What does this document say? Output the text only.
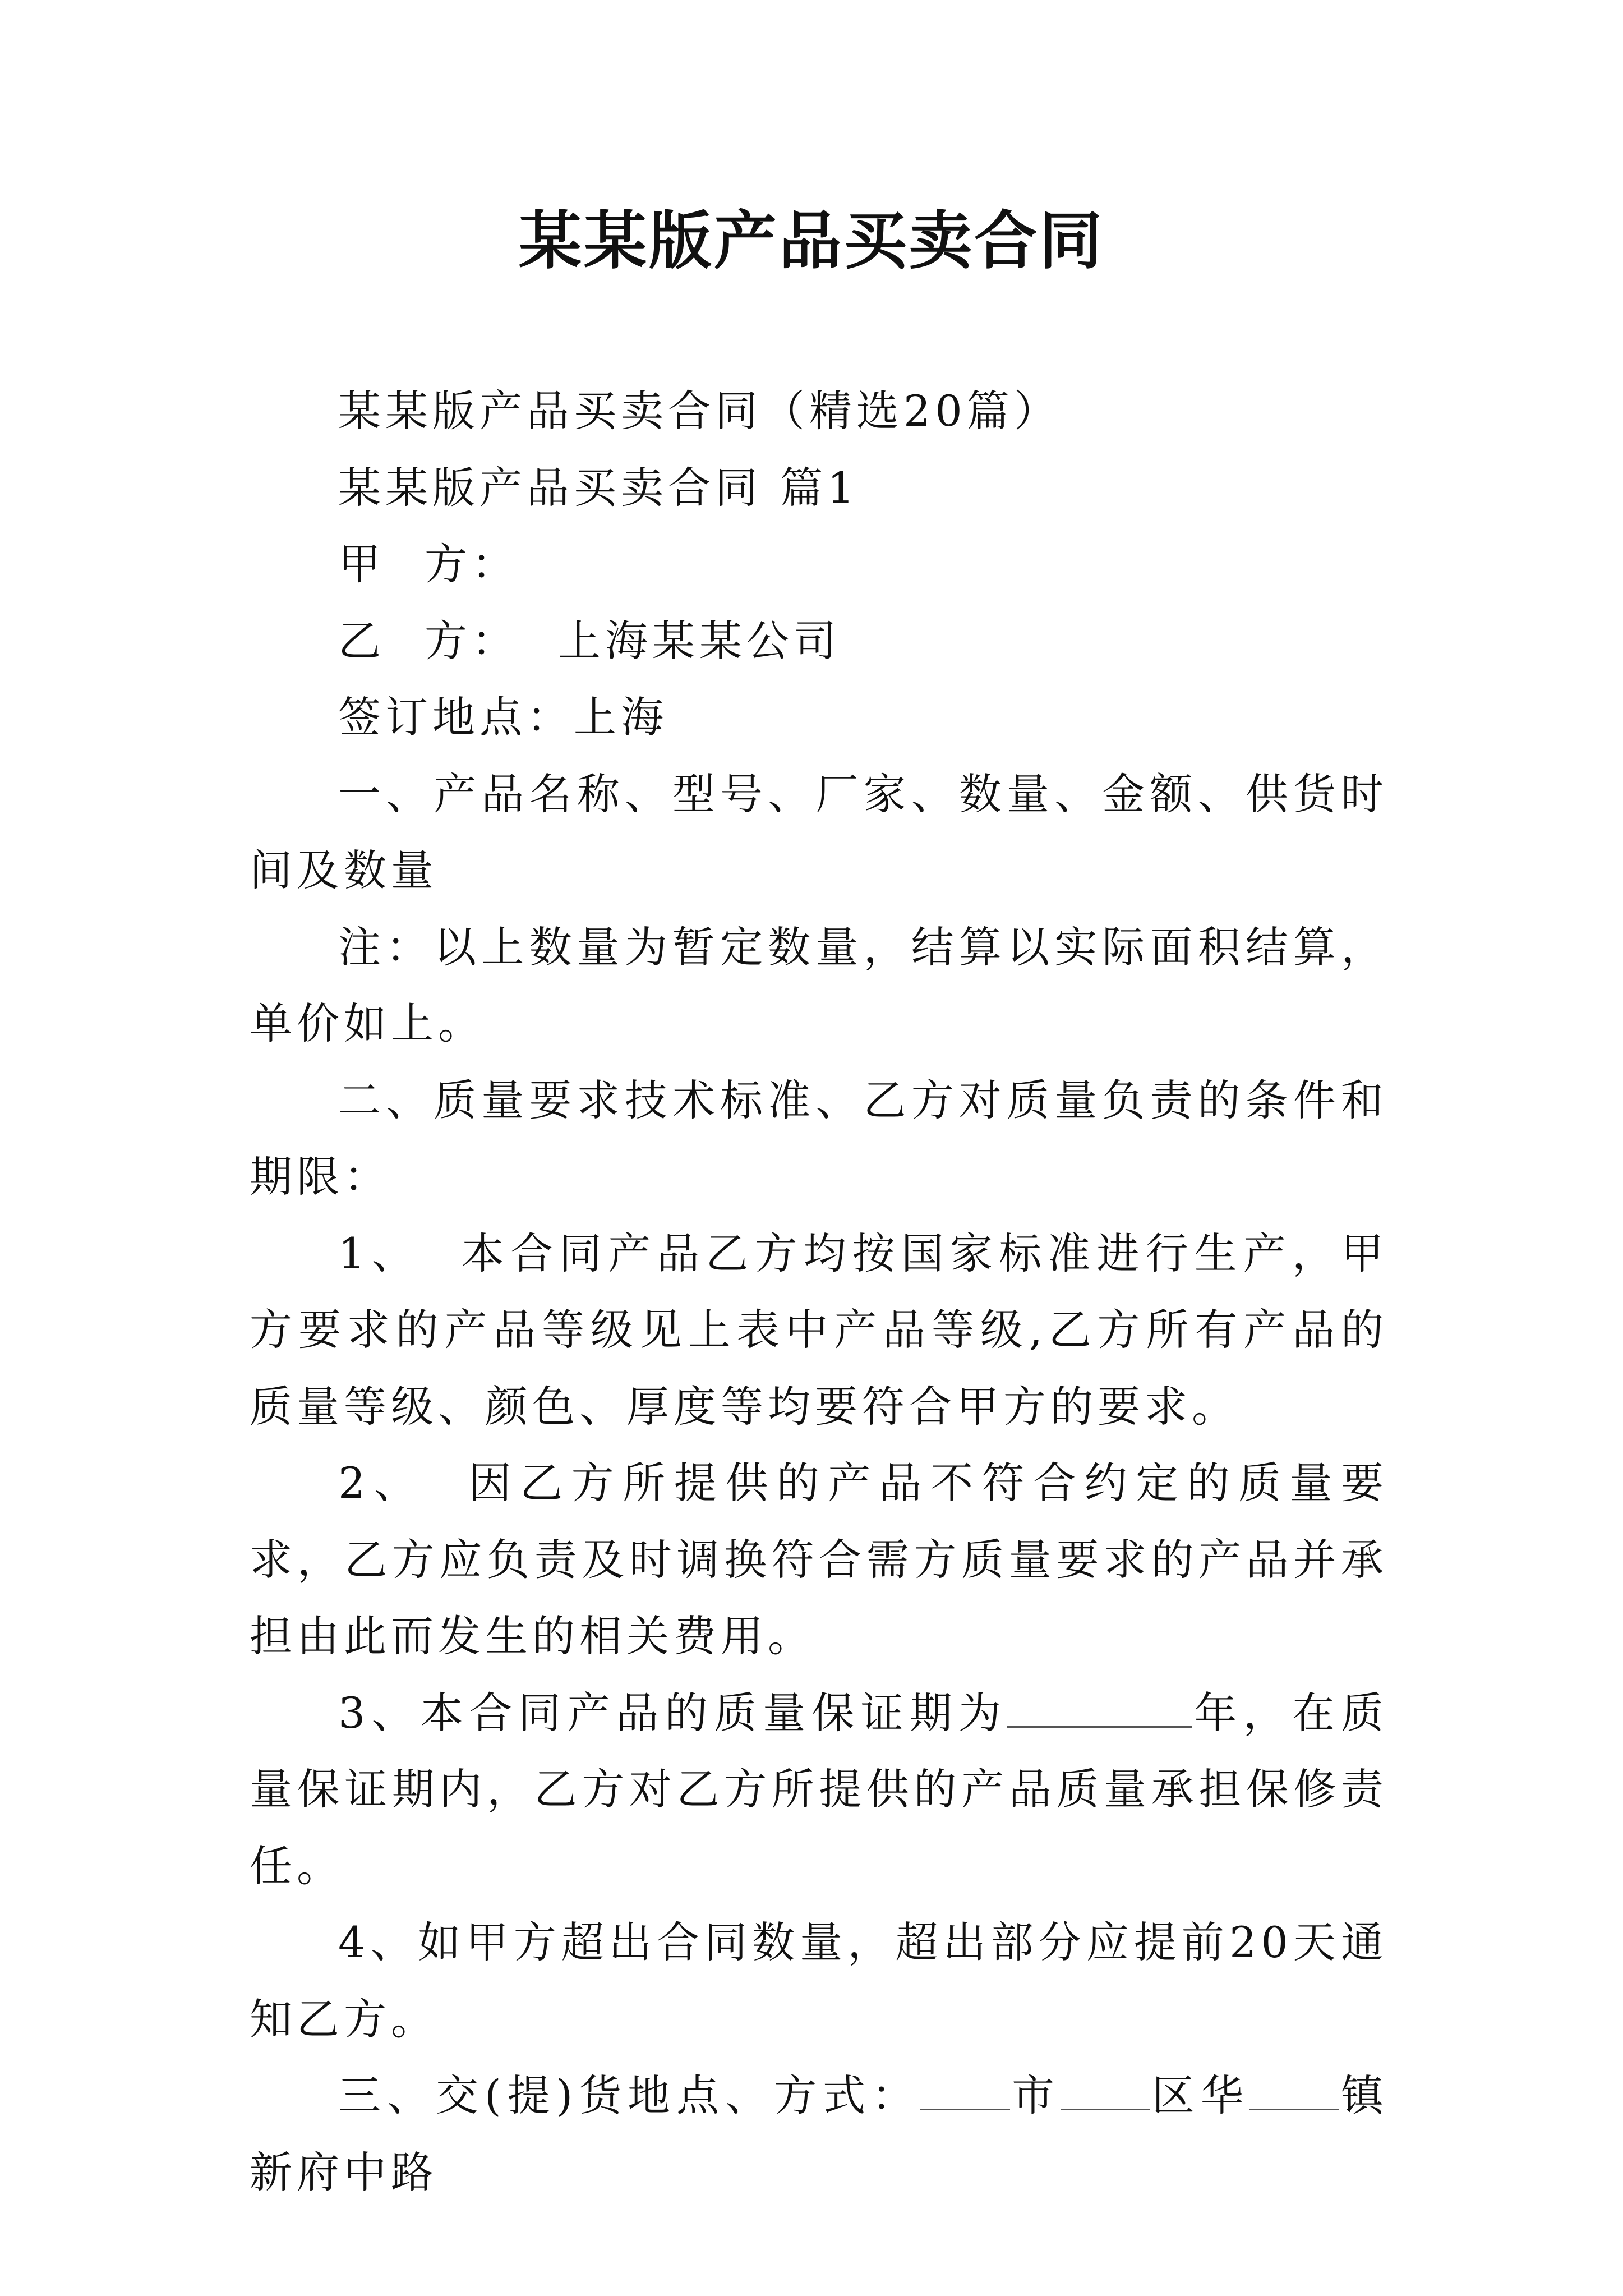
某某版产品买卖合同

某某版产品买卖合同（精选20篇）

某某版产品买卖合同 篇1

甲 方：

乙 方： 上海某某公司

签订地点：上海

一、产品名称、型号、厂家、数量、金额、供货时间及数量

注：以上数量为暂定数量，结算以实际面积结算，单价如上。

二、质量要求技术标准、乙方对质量负责的条件和期限：

1、 本合同产品乙方均按国家标准进行生产，甲方要求的产品等级见上表中产品等级,乙方所有产品的质量等级、颜色、厚度等均要符合甲方的要求。

2、 因乙方所提供的产品不符合约定的质量要求，乙方应负责及时调换符合需方质量要求的产品并承担由此而发生的相关费用。

3、本合同产品的质量保证期为	年，在质量保证期内，乙方对乙方所提供的产品质量承担保修责任。

4、如甲方超出合同数量，超出部分应提前20天通知乙方。

三、交(提)货地点、方式： 市 区华 镇新府中路
